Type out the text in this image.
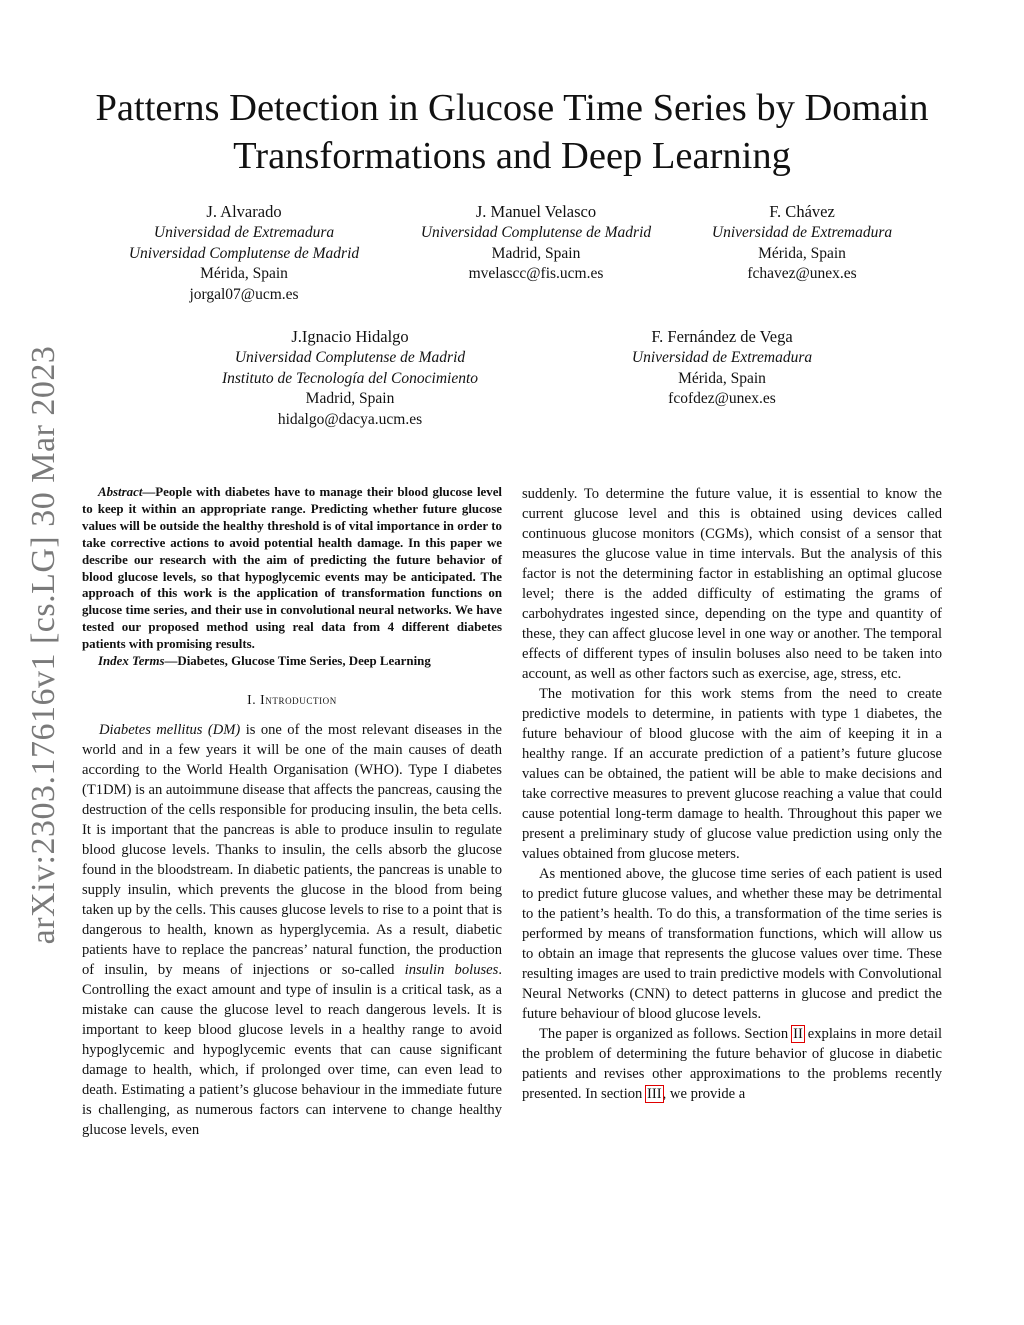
arXiv:2303.17616v1 [cs.LG] 30 Mar 2023
Patterns Detection in Glucose Time Series by Domain Transformations and Deep Learning
J. Alvarado
Universidad de Extremadura
Universidad Complutense de Madrid
Mérida, Spain
jorgal07@ucm.es
J. Manuel Velasco
Universidad Complutense de Madrid
Madrid, Spain
mvelascc@fis.ucm.es
F. Chávez
Universidad de Extremadura
Mérida, Spain
fchavez@unex.es
J.Ignacio Hidalgo
Universidad Complutense de Madrid
Instituto de Tecnología del Conocimiento
Madrid, Spain
hidalgo@dacya.ucm.es
F. Fernández de Vega
Universidad de Extremadura
Mérida, Spain
fcofdez@unex.es

Abstract—People with diabetes have to manage their blood glucose level to keep it within an appropriate range. Predicting whether future glucose values will be outside the healthy threshold is of vital importance in order to take corrective actions to avoid potential health damage. In this paper we describe our research with the aim of predicting the future behavior of blood glucose levels, so that hypoglycemic events may be anticipated. The approach of this work is the application of transformation functions on glucose time series, and their use in convolutional neural networks. We have tested our proposed method using real data from 4 different diabetes patients with promising results.

Index Terms—Diabetes, Glucose Time Series, Deep Learning

I. Introduction

Diabetes mellitus (DM) is one of the most relevant diseases in the world and in a few years it will be one of the main causes of death according to the World Health Organisation (WHO). Type I diabetes (T1DM) is an autoimmune disease that affects the pancreas, causing the destruction of the cells responsible for producing insulin, the beta cells. It is important that the pancreas is able to produce insulin to regulate blood glucose levels. Thanks to insulin, the cells absorb the glucose found in the bloodstream. In diabetic patients, the pancreas is unable to supply insulin, which prevents the glucose in the blood from being taken up by the cells. This causes glucose levels to rise to a point that is dangerous to health, known as hyperglycemia. As a result, diabetic patients have to replace the pancreas’ natural function, the production of insulin, by means of injections or so-called insulin boluses. Controlling the exact amount and type of insulin is a critical task, as a mistake can cause the glucose level to reach dangerous levels. It is important to keep blood glucose levels in a healthy range to avoid hypoglycemic and hypoglycemic events that can cause significant damage to health, which, if prolonged over time, can even lead to death. Estimating a patient’s glucose behaviour in the immediate future is challenging, as numerous factors can intervene to change healthy glucose levels, even

suddenly. To determine the future value, it is essential to know the current glucose level and this is obtained using devices called continuous glucose monitors (CGMs), which consist of a sensor that measures the glucose value in time intervals. But the analysis of this factor is not the determining factor in establishing an optimal glucose level; there is the added difficulty of estimating the grams of carbohydrates ingested since, depending on the type and quantity of these, they can affect glucose level in one way or another. The temporal effects of different types of insulin boluses also need to be taken into account, as well as other factors such as exercise, age, stress, etc.

The motivation for this work stems from the need to create predictive models to determine, in patients with type 1 diabetes, the future behaviour of blood glucose with the aim of keeping it in a healthy range. If an accurate prediction of a patient’s future glucose values can be obtained, the patient will be able to make decisions and take corrective measures to prevent glucose reaching a value that could cause potential long-term damage to health. Throughout this paper we present a preliminary study of glucose value prediction using only the values obtained from glucose meters.

As mentioned above, the glucose time series of each patient is used to predict future glucose values, and whether these may be detrimental to the patient’s health. To do this, a transformation of the time series is performed by means of transformation functions, which will allow us to obtain an image that represents the glucose values over time. These resulting images are used to train predictive models with Convolutional Neural Networks (CNN) to detect patterns in glucose and predict the future behaviour of blood glucose levels.

The paper is organized as follows. Section II explains in more detail the problem of determining the future behavior of glucose in diabetic patients and revises other approximations to the problems recently presented. In section III, we provide a
